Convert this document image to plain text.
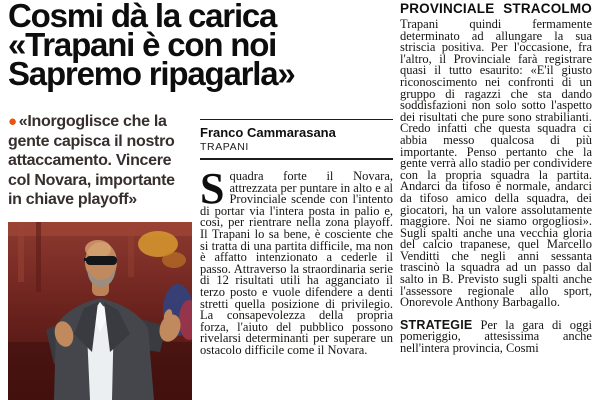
Cosmi dà la carica
«Trapani è con noi
Sapremo ripagarla»
● «Inorgoglisce che la gente capisca il nostro attaccamento. Vincere col Novara, importante in chiave playoff»
Franco Cammarasana
TRAPANI
Squadra forte il Novara, attrezzata per puntare in alto e al Provinciale scende con l'intento di portar via l'intera posta in palio e, così, per rientrare nella zona playoff. Il Trapani lo sa bene, è cosciente che si tratta di una partita difficile, ma non è affatto intenzionato a cederle il passo. Attraverso la straordinaria serie di 12 risultati utili ha agganciato il terzo posto e vuole difendere a denti stretti quella posizione di privilegio. La consapevolezza della propria forza, l'aiuto del pubblico possono rivelarsi determinanti per superare un ostacolo difficile come il Novara.
PROVINCIALE STRACOLMO
Trapani quindi fermamente determinato ad allungare la sua striscia positiva. Per l'occasione, fra l'altro, il Provinciale farà registrare quasi il tutto esaurito: «E'il giusto riconoscimento nei confronti di un gruppo di ragazzi che sta dando soddisfazioni non solo sotto l'aspetto dei risultati che pure sono strabilianti. Credo infatti che questa squadra ci abbia messo qualcosa di più importante. Penso pertanto che la gente verrà allo stadio per condividere con la propria squadra la partita. Andarci da tifoso è normale, andarci da tifoso amico della squadra, dei giocatori, ha un valore assolutamente maggiore. Noi ne siamo orgogliosi». Sugli spalti anche una vecchia gloria del calcio trapanese, quel Marcello Venditti che negli anni sessanta trascinò la squadra ad un passo dal salto in B. Previsto sugli spalti anche l'assessore regionale allo sport, Onorevole Anthony Barbagallo.
STRATEGIE Per la gara di oggi pomeriggio, attesissima anche nell'intera provincia, Cosmi
